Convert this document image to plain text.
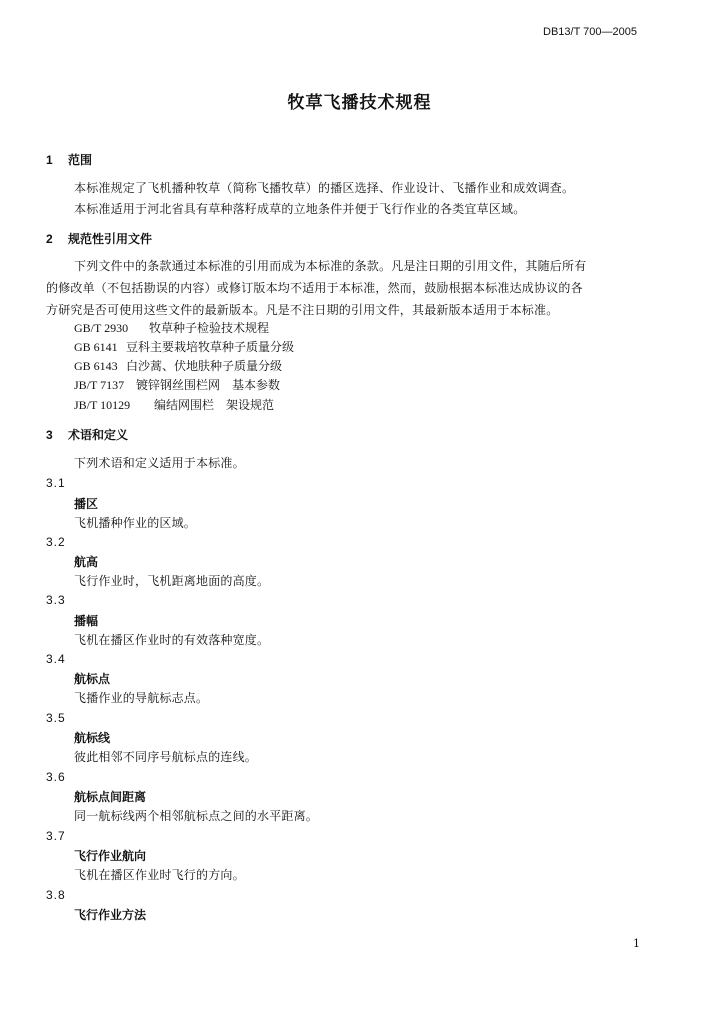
DB13/T 700—2005
牧草飞播技术规程
1 范围
本标准规定了飞机播种牧草（简称飞播牧草）的播区选择、作业设计、飞播作业和成效调查。
本标准适用于河北省具有草种落籽成草的立地条件并便于飞行作业的各类宜草区域。
2 规范性引用文件
下列文件中的条款通过本标准的引用而成为本标准的条款。凡是注日期的引用文件，其随后所有
的修改单（不包括勘误的内容）或修订版本均不适用于本标准，然而，鼓励根据本标准达成协议的各
方研究是否可使用这些文件的最新版本。凡是不注日期的引用文件，其最新版本适用于本标准。
GB/T 2930 牧草种子检验技术规程
GB 6141 豆科主要栽培牧草种子质量分级
GB 6143 白沙蒿、伏地肤种子质量分级
JB/T 7137 镀锌钢丝围栏网　基本参数
JB/T 10129 编结网围栏　架设规范
3 术语和定义
下列术语和定义适用于本标准。
3.1
播区
飞机播种作业的区域。
3.2
航高
飞行作业时，飞机距离地面的高度。
3.3
播幅
飞机在播区作业时的有效落种宽度。
3.4
航标点
飞播作业的导航标志点。
3.5
航标线
彼此相邻不同序号航标点的连线。
3.6
航标点间距离
同一航标线两个相邻航标点之间的水平距离。
3.7
飞行作业航向
飞机在播区作业时飞行的方向。
3.8
飞行作业方法
1
